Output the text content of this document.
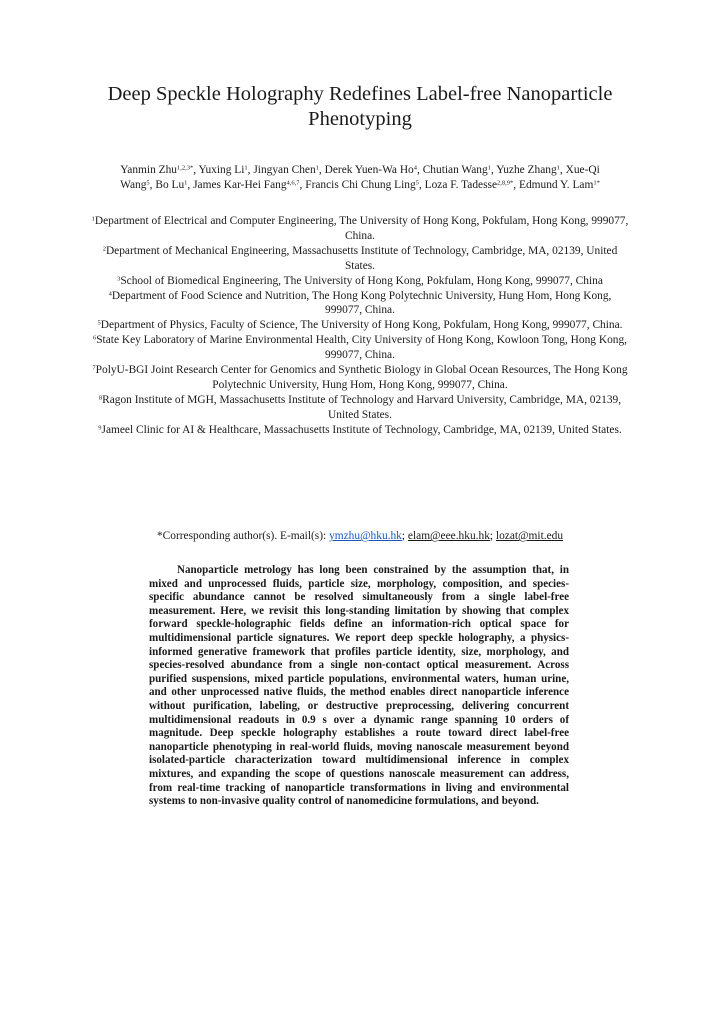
Deep Speckle Holography Redefines Label-free Nanoparticle Phenotyping

Yanmin Zhu$^{1,2,3*}$, Yuxing Li$^1$, Jingyan Chen$^1$, Derek Yuen-Wa Ho$^4$, Chutian Wang$^1$, Yuzhe Zhang$^1$, Xue-Qi Wang$^5$, Bo Lu$^1$, James Kar-Hei Fang$^{4,6,7}$, Francis Chi Chung Ling$^5$, Loza F. Tadesse$^{2,8,9*}$, Edmund Y. Lam$^{1*}$

$^1$Department of Electrical and Computer Engineering, The University of Hong Kong, Pokfulam, Hong Kong, 999077, China.
$^2$Department of Mechanical Engineering, Massachusetts Institute of Technology, Cambridge, MA, 02139, United States.
$^3$School of Biomedical Engineering, The University of Hong Kong, Pokfulam, Hong Kong, 999077, China
$^4$Department of Food Science and Nutrition, The Hong Kong Polytechnic University, Hung Hom, Hong Kong, 999077, China.
$^5$Department of Physics, Faculty of Science, The University of Hong Kong, Pokfulam, Hong Kong, 999077, China.
$^6$State Key Laboratory of Marine Environmental Health, City University of Hong Kong, Kowloon Tong, Hong Kong, 999077, China.
$^7$PolyU-BGI Joint Research Center for Genomics and Synthetic Biology in Global Ocean Resources, The Hong Kong Polytechnic University, Hung Hom, Hong Kong, 999077, China.
$^8$Ragon Institute of MGH, Massachusetts Institute of Technology and Harvard University, Cambridge, MA, 02139, United States.
$^9$Jameel Clinic for AI & Healthcare, Massachusetts Institute of Technology, Cambridge, MA, 02139, United States.

*Corresponding author(s). E-mail(s): ymzhu@hku.hk; elam@eee.hku.hk; lozat@mit.edu

Nanoparticle metrology has long been constrained by the assumption that, in mixed and unprocessed fluids, particle size, morphology, composition, and species-specific abundance cannot be resolved simultaneously from a single label-free measurement. Here, we revisit this long-standing limitation by showing that complex forward speckle-holographic fields define an information-rich optical space for multidimensional particle signatures. We report deep speckle holography, a physics-informed generative framework that profiles particle identity, size, morphology, and species-resolved abundance from a single non-contact optical measurement. Across purified suspensions, mixed particle populations, environmental waters, human urine, and other unprocessed native fluids, the method enables direct nanoparticle inference without purification, labeling, or destructive preprocessing, delivering concurrent multidimensional readouts in 0.9 s over a dynamic range spanning 10 orders of magnitude. Deep speckle holography establishes a route toward direct label-free nanoparticle phenotyping in real-world fluids, moving nanoscale measurement beyond isolated-particle characterization toward multidimensional inference in complex mixtures, and expanding the scope of questions nanoscale measurement can address, from real-time tracking of nanoparticle transformations in living and environmental systems to non-invasive quality control of nanomedicine formulations, and beyond.
